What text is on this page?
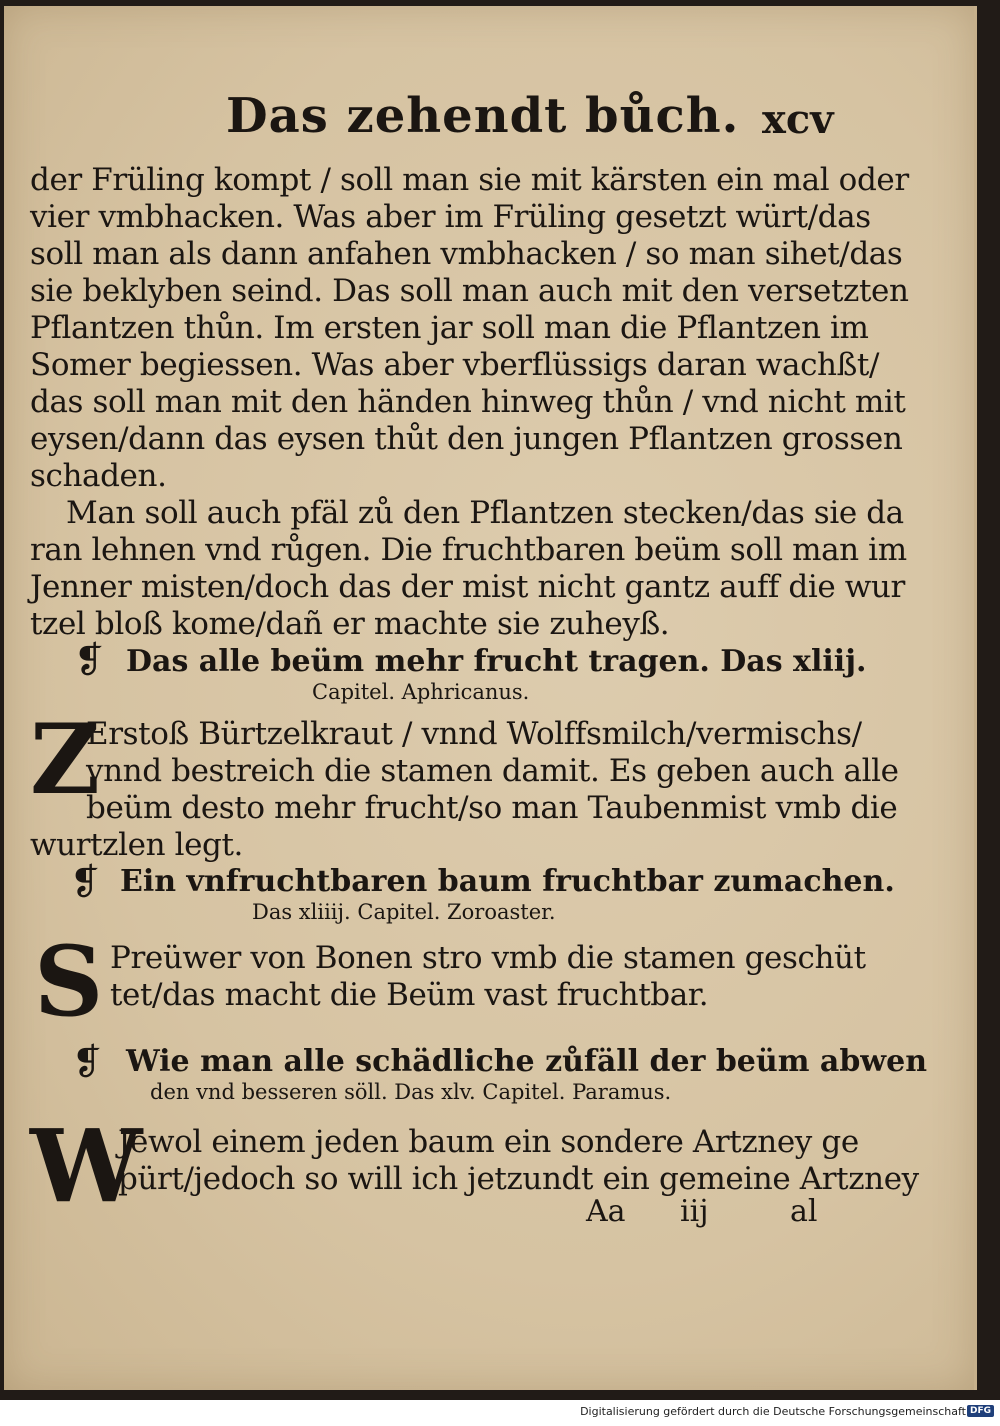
Das zehendt bůch. xcv
der Früling kompt / soll man sie mit kärsten ein mal oder
vier vmbhacken. Was aber im Früling gesetzt würt/das
soll man als dann anfahen vmbhacken / so man sihet/das
sie beklyben seind. Das soll man auch mit den versetzten
Pflantzen thůn. Im ersten jar soll man die Pflantzen im
Somer begiessen. Was aber vberflüssigs daran wachßt/
das soll man mit den händen hinweg thůn / vnd nicht mit
eysen/dann das eysen thůt den jungen Pflantzen grossen
schaden.
Man soll auch pfäl zů den Pflantzen stecken/das sie da
ran lehnen vnd růgen. Die fruchtbaren beüm soll man im
Jenner misten/doch das der mist nicht gantz auff die wur
tzel bloß kome/dañ er machte sie zuheyß.
❡ Das alle beüm mehr frucht tragen. Das xliij.
Capitel. Aphricanus.
Z
Erstoß Bürtzelkraut / vnnd Wolffsmilch/vermischs/
vnnd bestreich die stamen damit. Es geben auch alle
beüm desto mehr frucht/so man Taubenmist vmb die
wurtzlen legt.
❡ Ein vnfruchtbaren baum fruchtbar zumachen.
Das xliiij. Capitel. Zoroaster.
S Preüwer von Bonen stro vmb die stamen geschüt
tet/das macht die Beüm vast fruchtbar.
❡ Wie man alle schädliche zůfäll der beüm abwen
den vnd besseren söll. Das xlv. Capitel. Paramus.
W
Jewol einem jeden baum ein sondere Artzney ge
pürt/jedoch so will ich jetzundt ein gemeine Artzney
Aa iij	al
Digitalisierung gefördert durch die Deutsche Forschungsgemeinschaft DFG
